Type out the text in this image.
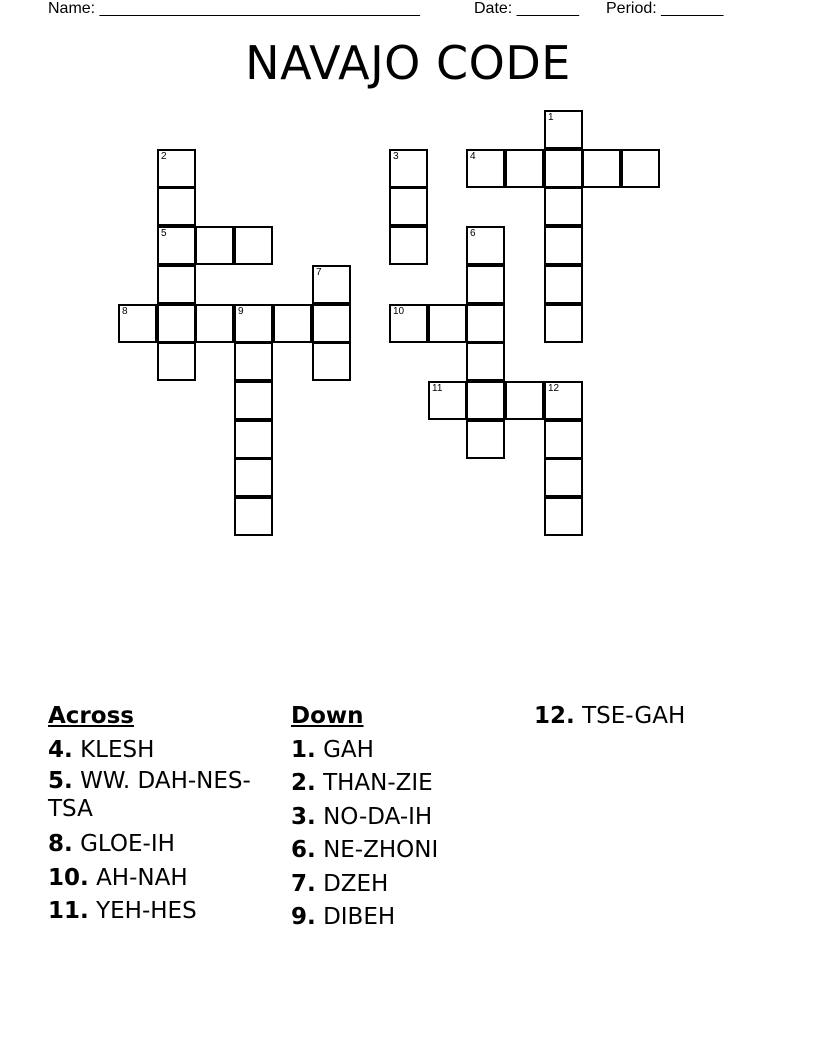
Name: ____________________________________	Date: _______ Period: _______
NAVAJO CODE
1
2	3	4
5	6
7
8	9	10
11	12
Across
4. KLESH
5. WW. DAH-NES-TSA
8. GLOE-IH
10. AH-NAH
11. YEH-HES
Down
1. GAH
2. THAN-ZIE
3. NO-DA-IH
6. NE-ZHONI
7. DZEH
9. DIBEH
12. TSE-GAH
